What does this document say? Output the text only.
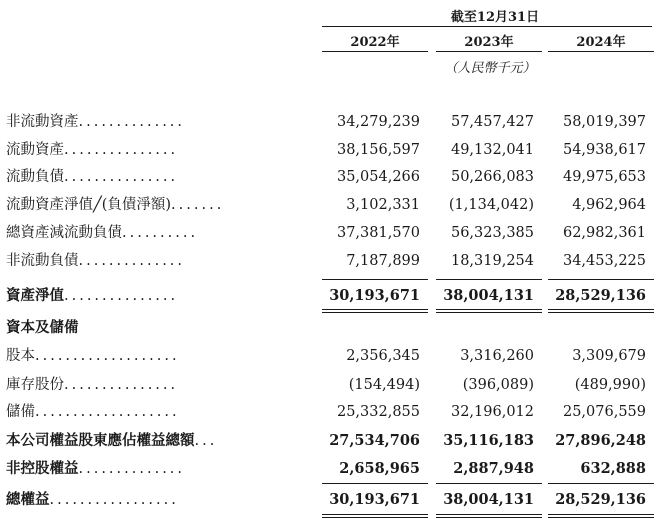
截至12月31日
2022年	2023年	2024年
（人民幣千元）
非流動資產..............	34,279,239	57,457,427	58,019,397
流動資產...............	38,156,597	49,132,041	54,938,617
流動負債...............	35,054,266	50,266,083	49,975,653
流動資產淨值╱(負債淨額).......	3,102,331	(1,134,042)	4,962,964
總資產減流動負債..........	37,381,570	56,323,385	62,982,361
非流動負債..............	7,187,899	18,319,254	34,453,225
資產淨值...............	30,193,671	38,004,131	28,529,136
資本及儲備
股本...................	2,356,345	3,316,260	3,309,679
庫存股份...............	(154,494)	(396,089)	(489,990)
儲備...................	25,332,855	32,196,012	25,076,559
本公司權益股東應佔權益總額...	27,534,706	35,116,183	27,896,248
非控股權益..............	2,658,965	2,887,948	632,888
總權益.................	30,193,671	38,004,131	28,529,136
